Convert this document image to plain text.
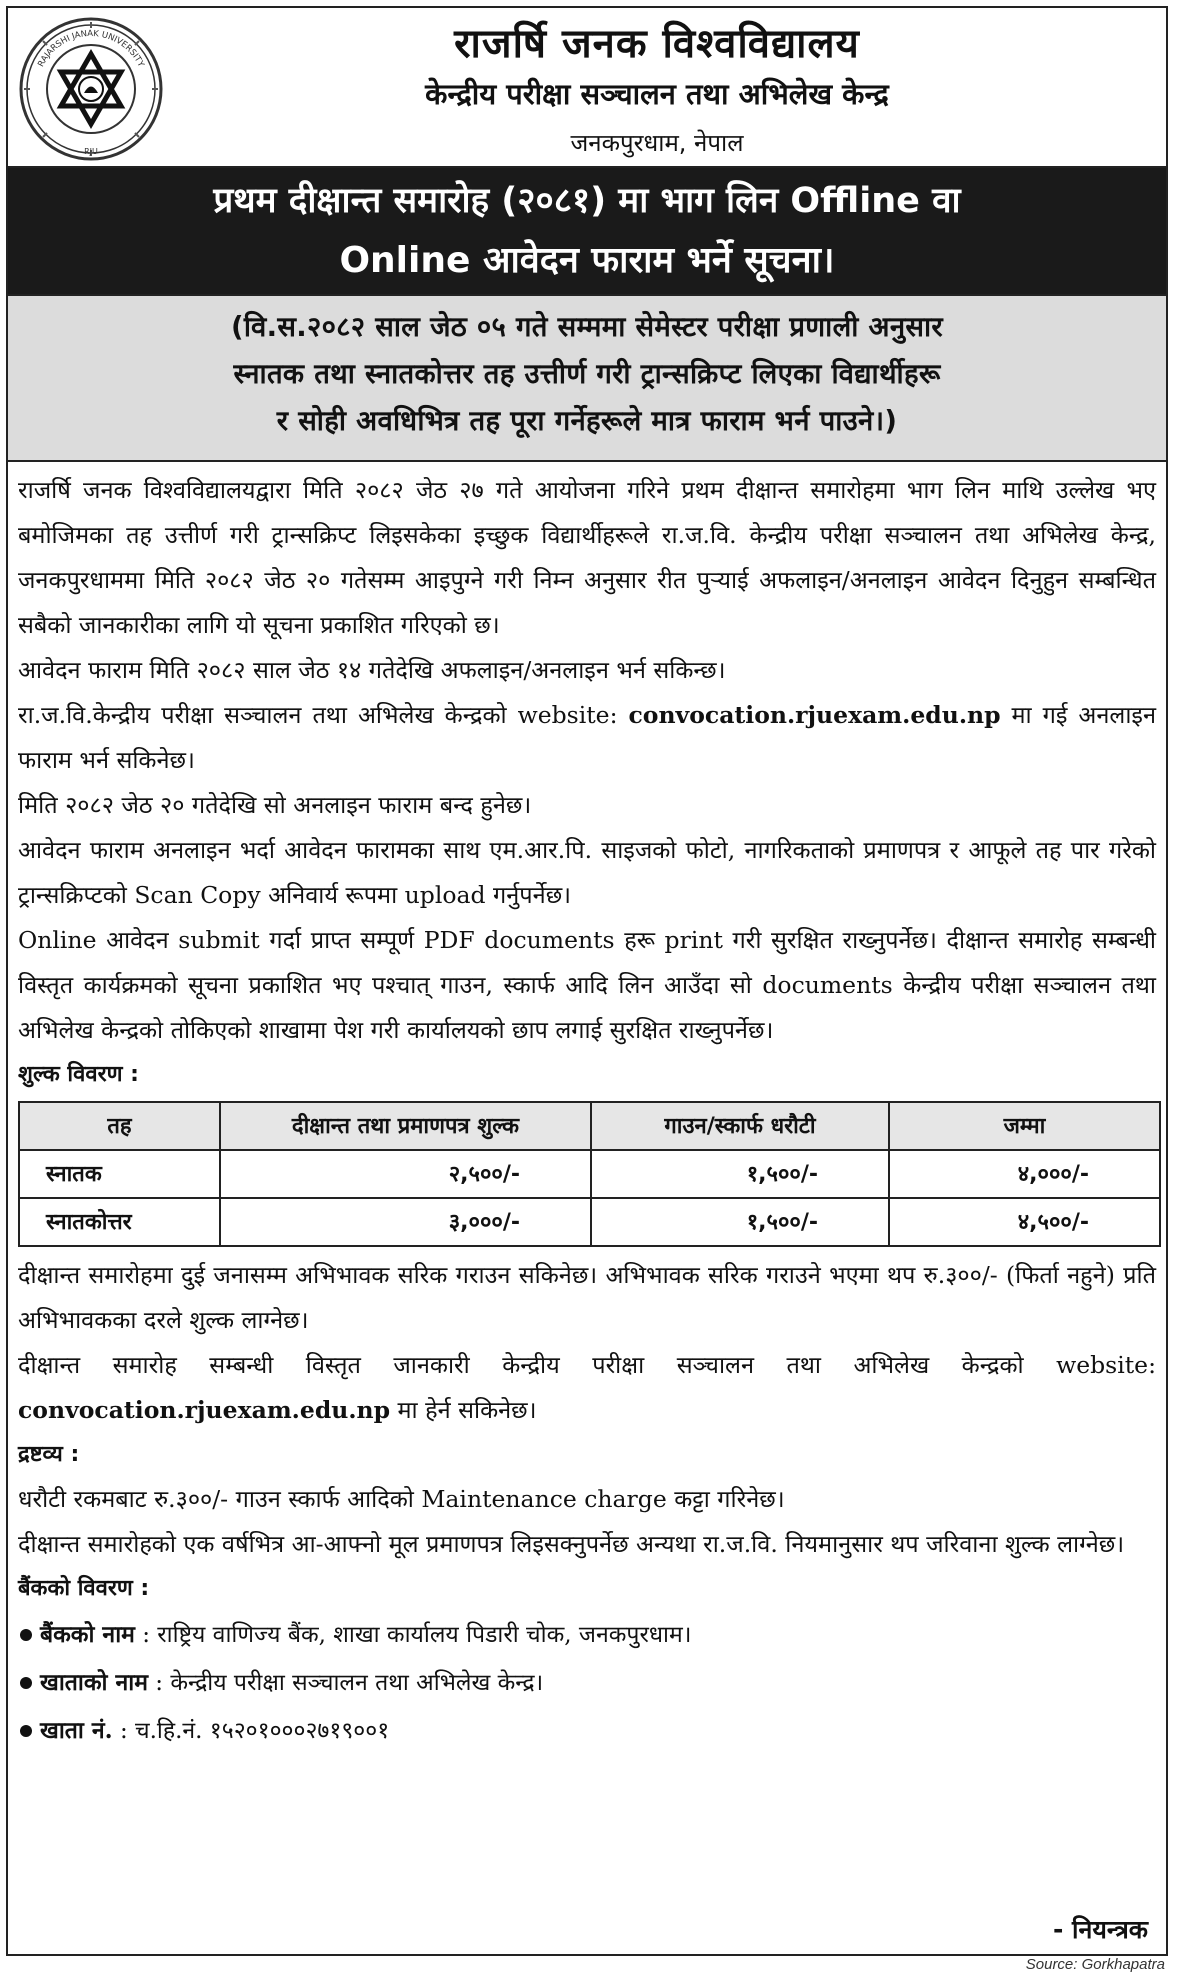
RJU
RAJARSHI JANAK UNIVERSITY	राजर्षि जनक विश्वविद्यालय
केन्द्रीय परीक्षा सञ्चालन तथा अभिलेख केन्द्र
जनकपुरधाम, नेपाल
प्रथम दीक्षान्त समारोह (२०८१) मा भाग लिन Offline वा
Online आवेदन फाराम भर्ने सूचना।
(वि.स.२०८२ साल जेठ ०५ गते सम्ममा सेमेस्टर परीक्षा प्रणाली अनुसार
स्नातक तथा स्नातकोत्तर तह उत्तीर्ण गरी ट्रान्सक्रिप्ट लिएका विद्यार्थीहरू
र सोही अवधिभित्र तह पूरा गर्नेहरूले मात्र फाराम भर्न पाउने।)

राजर्षि जनक विश्वविद्यालयद्वारा मिति २०८२ जेठ २७ गते आयोजना गरिने प्रथम दीक्षान्त समारोहमा भाग लिन माथि उल्लेख भए बमोजिमका तह उत्तीर्ण गरी ट्रान्सक्रिप्ट लिइसकेका इच्छुक विद्यार्थीहरूले रा.ज.वि. केन्द्रीय परीक्षा सञ्चालन तथा अभिलेख केन्द्र, जनकपुरधाममा मिति २०८२ जेठ २० गतेसम्म आइपुग्ने गरी निम्न अनुसार रीत पुर्‍याई अफलाइन/अनलाइन आवेदन दिनुहुन सम्बन्धित सबैको जानकारीका लागि यो सूचना प्रकाशित गरिएको छ।

आवेदन फाराम मिति २०८२ साल जेठ १४ गतेदेखि अफलाइन/अनलाइन भर्न सकिन्छ।

रा.ज.वि.केन्द्रीय परीक्षा सञ्चालन तथा अभिलेख केन्द्रको website: convocation.rjuexam.edu.np मा गई अनलाइन फाराम भर्न सकिनेछ।

मिति २०८२ जेठ २० गतेदेखि सो अनलाइन फाराम बन्द हुनेछ।

आवेदन फाराम अनलाइन भर्दा आवेदन फारामका साथ एम.आर.पि. साइजको फोटो, नागरिकताको प्रमाणपत्र र आफूले तह पार गरेको ट्रान्सक्रिप्टको Scan Copy अनिवार्य रूपमा upload गर्नुपर्नेछ।

Online आवेदन submit गर्दा प्राप्त सम्पूर्ण PDF documents हरू print गरी सुरक्षित राख्नुपर्नेछ। दीक्षान्त समारोह सम्बन्धी विस्तृत कार्यक्रमको सूचना प्रकाशित भए पश्चात् गाउन, स्कार्फ आदि लिन आउँदा सो documents केन्द्रीय परीक्षा सञ्चालन तथा अभिलेख केन्द्रको तोकिएको शाखामा पेश गरी कार्यालयको छाप लगाई सुरक्षित राख्नुपर्नेछ।

शुल्क विवरण :

तह	दीक्षान्त तथा प्रमाणपत्र शुल्क	गाउन/स्कार्फ धरौटी	जम्मा
स्नातक	२,५००/-	१,५००/-	४,०००/-
स्नातकोत्तर	३,०००/-	१,५००/-	४,५००/-

दीक्षान्त समारोहमा दुई जनासम्म अभिभावक सरिक गराउन सकिनेछ। अभिभावक सरिक गराउने भएमा थप रु.३००/- (फिर्ता नहुने) प्रति अभिभावकका दरले शुल्क लाग्नेछ।

दीक्षान्त समारोह सम्बन्धी विस्तृत जानकारी केन्द्रीय परीक्षा सञ्चालन तथा अभिलेख केन्द्रको website: convocation.rjuexam.edu.np मा हेर्न सकिनेछ।

द्रष्टव्य :

धरौटी रकमबाट रु.३००/- गाउन स्कार्फ आदिको Maintenance charge कट्टा गरिनेछ।

दीक्षान्त समारोहको एक वर्षभित्र आ-आफ्नो मूल प्रमाणपत्र लिइसक्नुपर्नेछ अन्यथा रा.ज.वि. नियमानुसार थप जरिवाना शुल्क लाग्नेछ।

बैंकको विवरण :

बैंकको नाम : राष्ट्रिय वाणिज्य बैंक, शाखा कार्यालय पिडारी चोक, जनकपुरधाम।

खाताको नाम : केन्द्रीय परीक्षा सञ्चालन तथा अभिलेख केन्द्र।

खाता नं. : च.हि.नं. १५२०१०००२७१९००१

- नियन्त्रक
Source: Gorkhapatra
